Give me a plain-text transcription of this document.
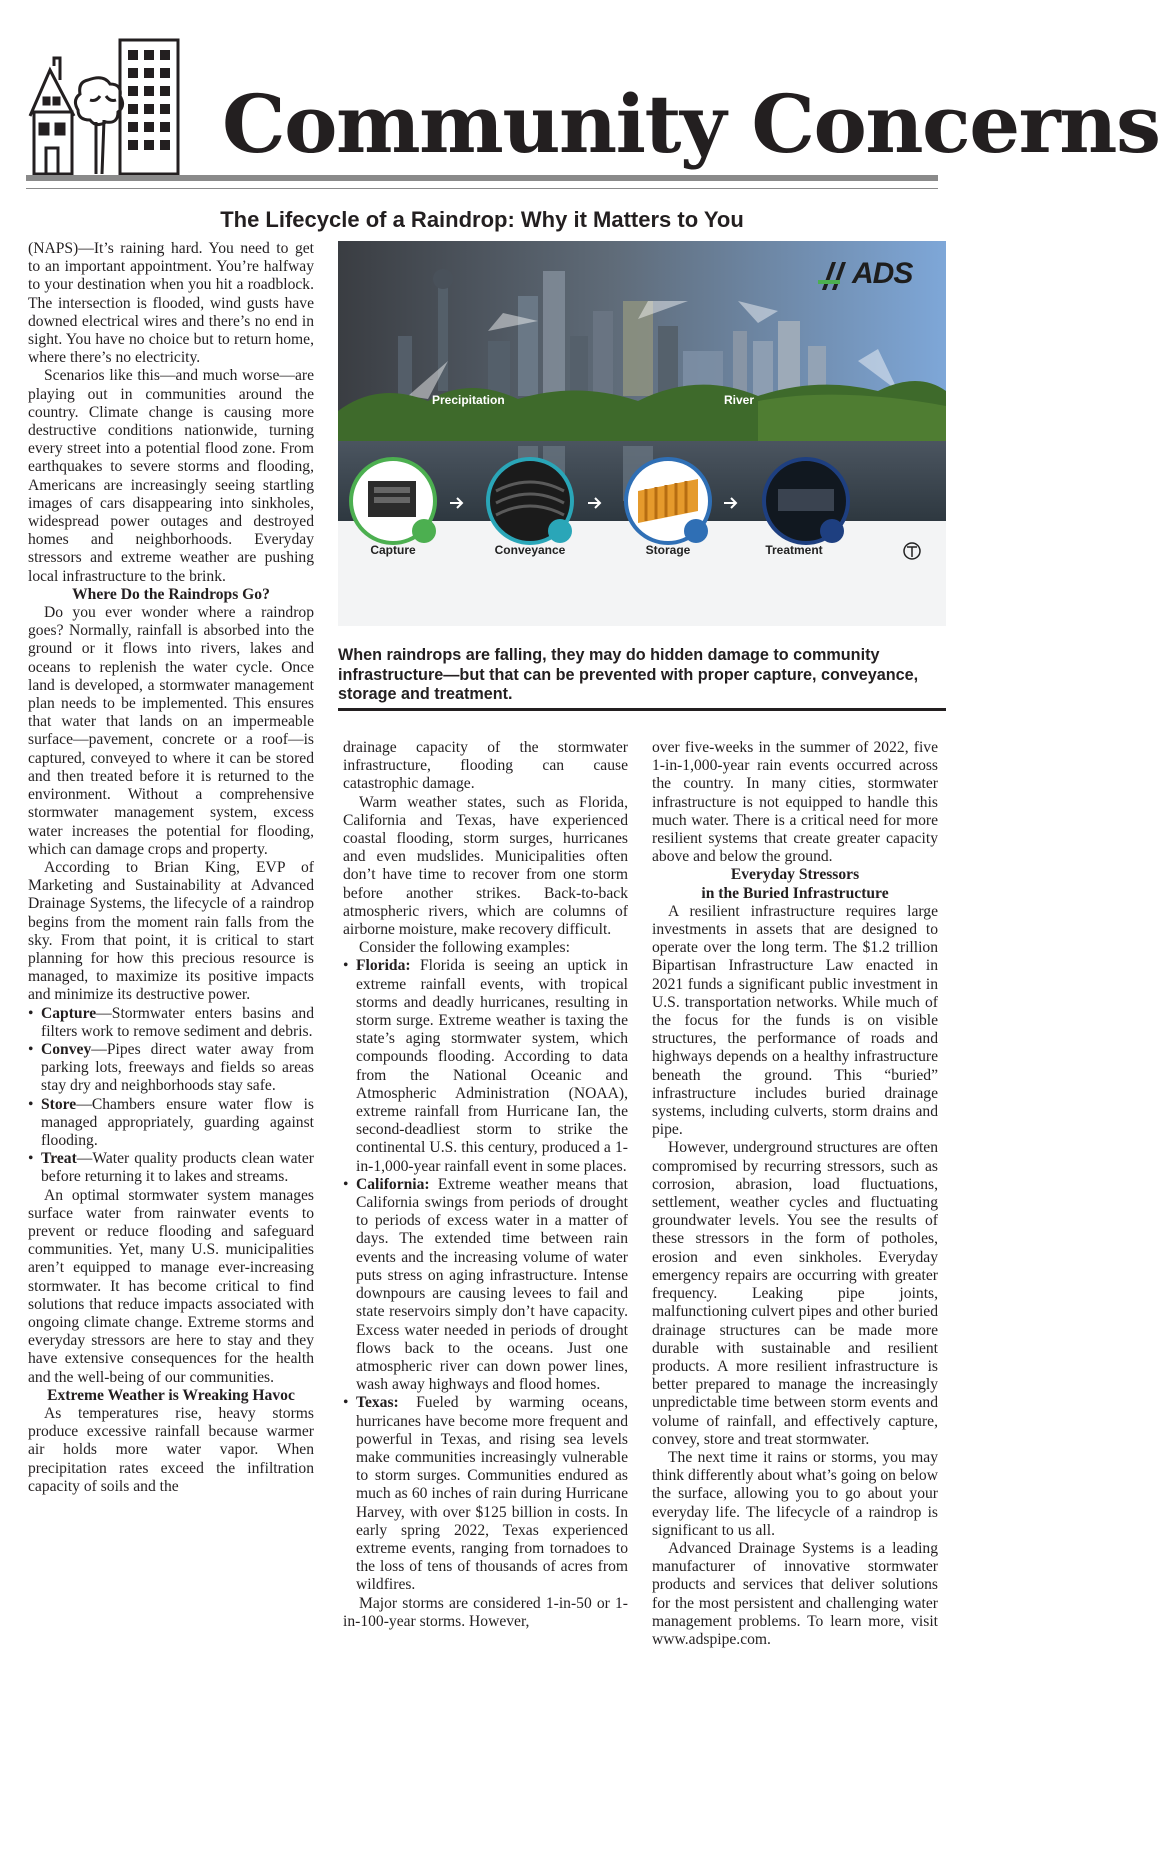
Community Concerns
The Lifecycle of a Raindrop: Why it Matters to You

(NAPS)—It’s raining hard. You need to get to an important appointment. You’re halfway to your destination when you hit a roadblock. The intersection is flooded, wind gusts have downed electrical wires and there’s no end in sight. You have no choice but to return home, where there’s no electricity.

Scenarios like this—and much worse—are playing out in communities around the country. Climate change is causing more destructive conditions nationwide, turning every street into a potential flood zone. From earthquakes to severe storms and flooding, Americans are increasingly seeing startling images of cars disappearing into sinkholes, widespread power outages and destroyed homes and neighborhoods. Everyday stressors and extreme weather are pushing local infrastructure to the brink.

Where Do the Raindrops Go?

Do you ever wonder where a raindrop goes? Normally, rainfall is absorbed into the ground or it flows into rivers, lakes and oceans to replenish the water cycle. Once land is developed, a stormwater management plan needs to be implemented. This ensures that water that lands on an impermeable surface—pavement, concrete or a roof—is captured, conveyed to where it can be stored and then treated before it is returned to the environment. Without a comprehensive stormwater management system, excess water increases the potential for flooding, which can damage crops and property.

According to Brian King, EVP of Marketing and Sustainability at Advanced Drainage Systems, the lifecycle of a raindrop begins from the moment rain falls from the sky. From that point, it is critical to start planning for how this precious resource is managed, to maximize its positive impacts and minimize its destructive power.

• Capture—Stormwater enters basins and filters work to remove sediment and debris.
• Convey—Pipes direct water away from parking lots, freeways and fields so areas stay dry and neighborhoods stay safe.
• Store—Chambers ensure water flow is managed appropriately, guarding against flooding.
• Treat—Water quality products clean water before returning it to lakes and streams.

An optimal stormwater system manages surface water from rainwater events to prevent or reduce flooding and safeguard communities. Yet, many U.S. municipalities aren’t equipped to manage ever-increasing stormwater. It has become critical to find solutions that reduce impacts associated with ongoing climate change. Extreme storms and everyday stressors are here to stay and they have extensive consequences for the health and the well-being of our communities.

Extreme Weather is Wreaking Havoc

As temperatures rise, heavy storms produce excessive rainfall because warmer air holds more water vapor. When precipitation rates exceed the infiltration capacity of soils and the

ADS
Precipitation	River
Capture	Conveyance	Storage	Treatment
When raindrops are falling, they may do hidden damage to community infrastructure—but that can be prevented with proper capture, conveyance, storage and treatment.

drainage capacity of the stormwater infrastructure, flooding can cause catastrophic damage.

Warm weather states, such as Florida, California and Texas, have experienced coastal flooding, storm surges, hurricanes and even mudslides. Municipalities often don’t have time to recover from one storm before another strikes. Back-to-back atmospheric rivers, which are columns of airborne moisture, make recovery difficult.

Consider the following examples:

• Florida: Florida is seeing an uptick in extreme rainfall events, with tropical storms and deadly hurricanes, resulting in storm surge. Extreme weather is taxing the state’s aging stormwater system, which compounds flooding. According to data from the National Oceanic and Atmospheric Administration (NOAA), extreme rainfall from Hurricane Ian, the second-deadliest storm to strike the continental U.S. this century, produced a 1-in-1,000-year rainfall event in some places.
• California: Extreme weather means that California swings from periods of drought to periods of excess water in a matter of days. The extended time between rain events and the increasing volume of water puts stress on aging infrastructure. Intense downpours are causing levees to fail and state reservoirs simply don’t have capacity. Excess water needed in periods of drought flows back to the oceans. Just one atmospheric river can down power lines, wash away highways and flood homes.
• Texas: Fueled by warming oceans, hurricanes have become more frequent and powerful in Texas, and rising sea levels make communities increasingly vulnerable to storm surges. Communities endured as much as 60 inches of rain during Hurricane Harvey, with over $125 billion in costs. In early spring 2022, Texas experienced extreme events, ranging from tornadoes to the loss of tens of thousands of acres from wildfires.

Major storms are considered 1-in-50 or 1-in-100-year storms. However,

over five-weeks in the summer of 2022, five 1-in-1,000-year rain events occurred across the country. In many cities, stormwater infrastructure is not equipped to handle this much water. There is a critical need for more resilient systems that create greater capacity above and below the ground.

Everyday Stressors
in the Buried Infrastructure

A resilient infrastructure requires large investments in assets that are designed to operate over the long term. The $1.2 trillion Bipartisan Infrastructure Law enacted in 2021 funds a significant public investment in U.S. transportation networks. While much of the focus for the funds is on visible structures, the performance of roads and highways depends on a healthy infrastructure beneath the ground. This “buried” infrastructure includes buried drainage systems, including culverts, storm drains and pipe.

However, underground structures are often compromised by recurring stressors, such as corrosion, abrasion, load fluctuations, settlement, weather cycles and fluctuating groundwater levels. You see the results of these stressors in the form of potholes, erosion and even sinkholes. Everyday emergency repairs are occurring with greater frequency. Leaking pipe joints, malfunctioning culvert pipes and other buried drainage structures can be made more durable with sustainable and resilient products. A more resilient infrastructure is better prepared to manage the increasingly unpredictable time between storm events and volume of rainfall, and effectively capture, convey, store and treat stormwater.

The next time it rains or storms, you may think differently about what’s going on below the surface, allowing you to go about your everyday life. The lifecycle of a raindrop is significant to us all.

Advanced Drainage Systems is a leading manufacturer of innovative stormwater products and services that deliver solutions for the most persistent and challenging water management problems. To learn more, visit www.adspipe.com.
